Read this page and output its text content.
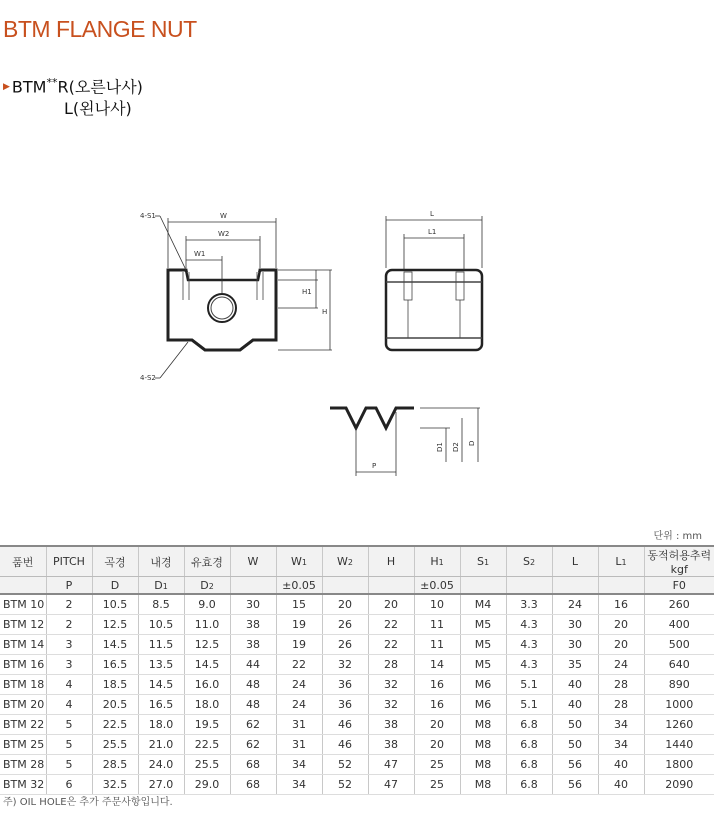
BTM FLANGE NUT
▶ BTM**R(오른나사)
L(왼나사)
4-S1
4-S2
W
W2
W1
H1
H
L
L1
P
D1 D2 D
단위 : mm
품번	PITCH	곡경	내경	유효경	W	W1	W2	H	H1	S1	S2	L	L1	동적허용추력kgf
	P	D	D1	D2		±0.05			±0.05					F0
BTM 10	2	10.5	8.5	9.0	30	15	20	20	10	M4	3.3	24	16	260
BTM 12	2	12.5	10.5	11.0	38	19	26	22	11	M5	4.3	30	20	400
BTM 14	3	14.5	11.5	12.5	38	19	26	22	11	M5	4.3	30	20	500
BTM 16	3	16.5	13.5	14.5	44	22	32	28	14	M5	4.3	35	24	640
BTM 18	4	18.5	14.5	16.0	48	24	36	32	16	M6	5.1	40	28	890
BTM 20	4	20.5	16.5	18.0	48	24	36	32	16	M6	5.1	40	28	1000
BTM 22	5	22.5	18.0	19.5	62	31	46	38	20	M8	6.8	50	34	1260
BTM 25	5	25.5	21.0	22.5	62	31	46	38	20	M8	6.8	50	34	1440
BTM 28	5	28.5	24.0	25.5	68	34	52	47	25	M8	6.8	56	40	1800
BTM 32	6	32.5	27.0	29.0	68	34	52	47	25	M8	6.8	56	40	2090
주) OIL HOLE은 추가 주문사항입니다.
